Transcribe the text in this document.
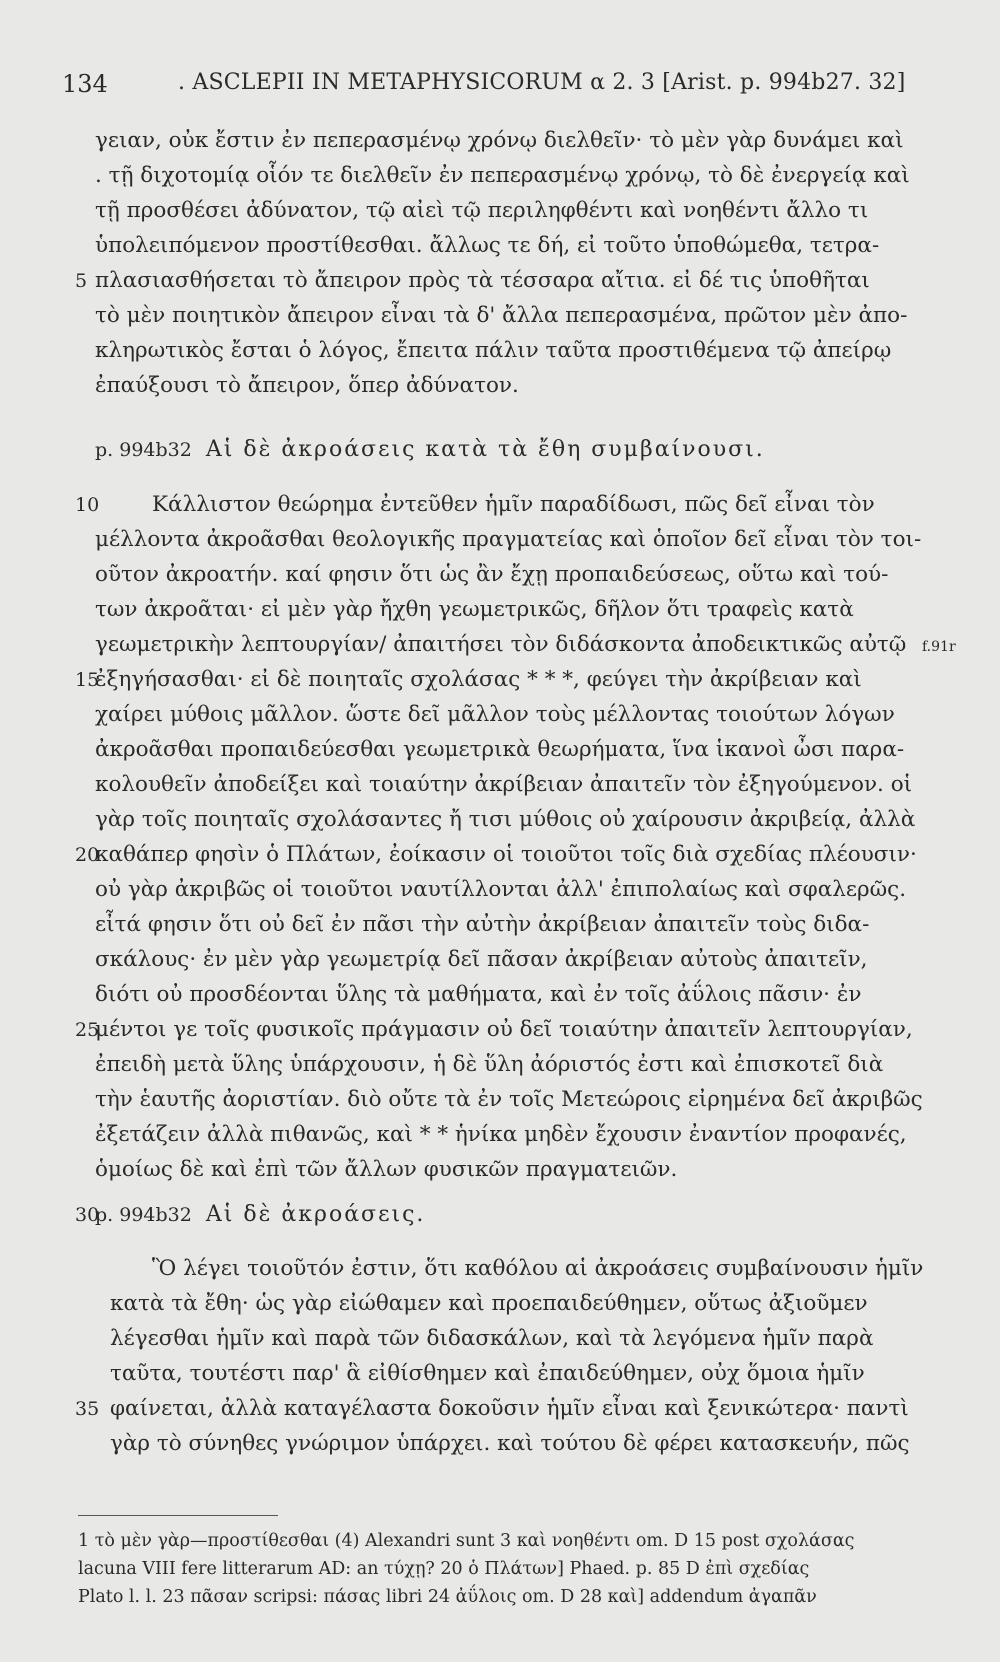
134	. ASCLEPII IN METAPHYSICORUM α 2. 3 [Arist. p. 994b27. 32]
γειαν, οὐκ ἔστιν ἐν πεπερασμένῳ χρόνῳ διελθεῖν· τὸ μὲν γὰρ δυνάμει καὶ
. τῇ διχοτομίᾳ οἷόν τε διελθεῖν ἐν πεπερασμένῳ χρόνῳ, τὸ δὲ ἐνεργείᾳ καὶ
τῇ προσθέσει ἀδύνατον, τῷ αἰεὶ τῷ περιληφθέντι καὶ νοηθέντι ἄλλο τι
ὑπολειπόμενον προστίθεσθαι. ἄλλως τε δή, εἰ τοῦτο ὑποθώμεθα, τετρα-
πλασιασθήσεται τὸ ἄπειρον πρὸς τὰ τέσσαρα αἴτια. εἰ δέ τις ὑποθῆται
τὸ μὲν ποιητικὸν ἄπειρον εἶναι τὰ δ' ἄλλα πεπερασμένα, πρῶτον μὲν ἀπο-
κληρωτικὸς ἔσται ὁ λόγος, ἔπειτα πάλιν ταῦτα προστιθέμενα τῷ ἀπείρῳ
ἐπαύξουσι τὸ ἄπειρον, ὅπερ ἀδύνατον.
p. 994b32 Αἱ δὲ ἀκροάσεις κατὰ τὰ ἔθη συμβαίνουσι.
Κάλλιστον θεώρημα ἐντεῦθεν ἡμῖν παραδίδωσι, πῶς δεῖ εἶναι τὸν
μέλλοντα ἀκροᾶσθαι θεολογικῆς πραγματείας καὶ ὁποῖον δεῖ εἶναι τὸν τοι-
οῦτον ἀκροατήν. καί φησιν ὅτι ὡς ἂν ἔχῃ προπαιδεύσεως, οὕτω καὶ τού-
των ἀκροᾶται· εἰ μὲν γὰρ ἤχθη γεωμετρικῶς, δῆλον ὅτι τραφεὶς κατὰ
γεωμετρικὴν λεπτουργίαν/ ἀπαιτήσει τὸν διδάσκοντα ἀποδεικτικῶς αὐτῷ
ἐξηγήσασθαι· εἰ δὲ ποιηταῖς σχολάσας * * *, φεύγει τὴν ἀκρίβειαν καὶ
χαίρει μύθοις μᾶλλον. ὥστε δεῖ μᾶλλον τοὺς μέλλοντας τοιούτων λόγων
ἀκροᾶσθαι προπαιδεύεσθαι γεωμετρικὰ θεωρήματα, ἵνα ἱκανοὶ ὦσι παρα-
κολουθεῖν ἀποδείξει καὶ τοιαύτην ἀκρίβειαν ἀπαιτεῖν τὸν ἐξηγούμενον. οἱ
γὰρ τοῖς ποιηταῖς σχολάσαντες ἤ τισι μύθοις οὐ χαίρουσιν ἀκριβείᾳ, ἀλλὰ
καθάπερ φησὶν ὁ Πλάτων, ἐοίκασιν οἱ τοιοῦτοι τοῖς διὰ σχεδίας πλέουσιν·
οὐ γὰρ ἀκριβῶς οἱ τοιοῦτοι ναυτίλλονται ἀλλ' ἐπιπολαίως καὶ σφαλερῶς.
εἶτά φησιν ὅτι οὐ δεῖ ἐν πᾶσι τὴν αὐτὴν ἀκρίβειαν ἀπαιτεῖν τοὺς διδα-
σκάλους· ἐν μὲν γὰρ γεωμετρίᾳ δεῖ πᾶσαν ἀκρίβειαν αὐτοὺς ἀπαιτεῖν,
διότι οὐ προσδέονται ὕλης τὰ μαθήματα, καὶ ἐν τοῖς ἀΰλοις πᾶσιν· ἐν
μέντοι γε τοῖς φυσικοῖς πράγμασιν οὐ δεῖ τοιαύτην ἀπαιτεῖν λεπτουργίαν,
ἐπειδὴ μετὰ ὕλης ὑπάρχουσιν, ἡ δὲ ὕλη ἀόριστός ἐστι καὶ ἐπισκοτεῖ διὰ
τὴν ἑαυτῆς ἀοριστίαν. διὸ οὔτε τὰ ἐν τοῖς Μετεώροις εἰρημένα δεῖ ἀκριβῶς
ἐξετάζειν ἀλλὰ πιθανῶς, καὶ * * ἡνίκα μηδὲν ἔχουσιν ἐναντίον προφανές,
ὁμοίως δὲ καὶ ἐπὶ τῶν ἄλλων φυσικῶν πραγματειῶν.
p. 994b32 Αἱ δὲ ἀκροάσεις.
Ὃ λέγει τοιοῦτόν ἐστιν, ὅτι καθόλου αἱ ἀκροάσεις συμβαίνουσιν ἡμῖν
κατὰ τὰ ἔθη· ὡς γὰρ εἰώθαμεν καὶ προεπαιδεύθημεν, οὕτως ἀξιοῦμεν
λέγεσθαι ἡμῖν καὶ παρὰ τῶν διδασκάλων, καὶ τὰ λεγόμενα ἡμῖν παρὰ
ταῦτα, τουτέστι παρ' ἃ εἰθίσθημεν καὶ ἐπαιδεύθημεν, οὐχ ὅμοια ἡμῖν
φαίνεται, ἀλλὰ καταγέλαστα δοκοῦσιν ἡμῖν εἶναι καὶ ξενικώτερα· παντὶ
γὰρ τὸ σύνηθες γνώριμον ὑπάρχει. καὶ τούτου δὲ φέρει κατασκευήν, πῶς
5
10
15
20
25
30
35
f.91r
1 τὸ μὲν γὰρ—προστίθεσθαι (4) Alexandri sunt 3 καὶ νοηθέντι om. D 15 post σχολάσας
lacuna VIII fere litterarum AD: an τύχῃ? 20 ὁ Πλάτων] Phaed. p. 85 D ἐπὶ σχεδίας
Plato l. l. 23 πᾶσαν scripsi: πάσας libri 24 ἀΰλοις om. D 28 καὶ] addendum ἀγαπᾶν
